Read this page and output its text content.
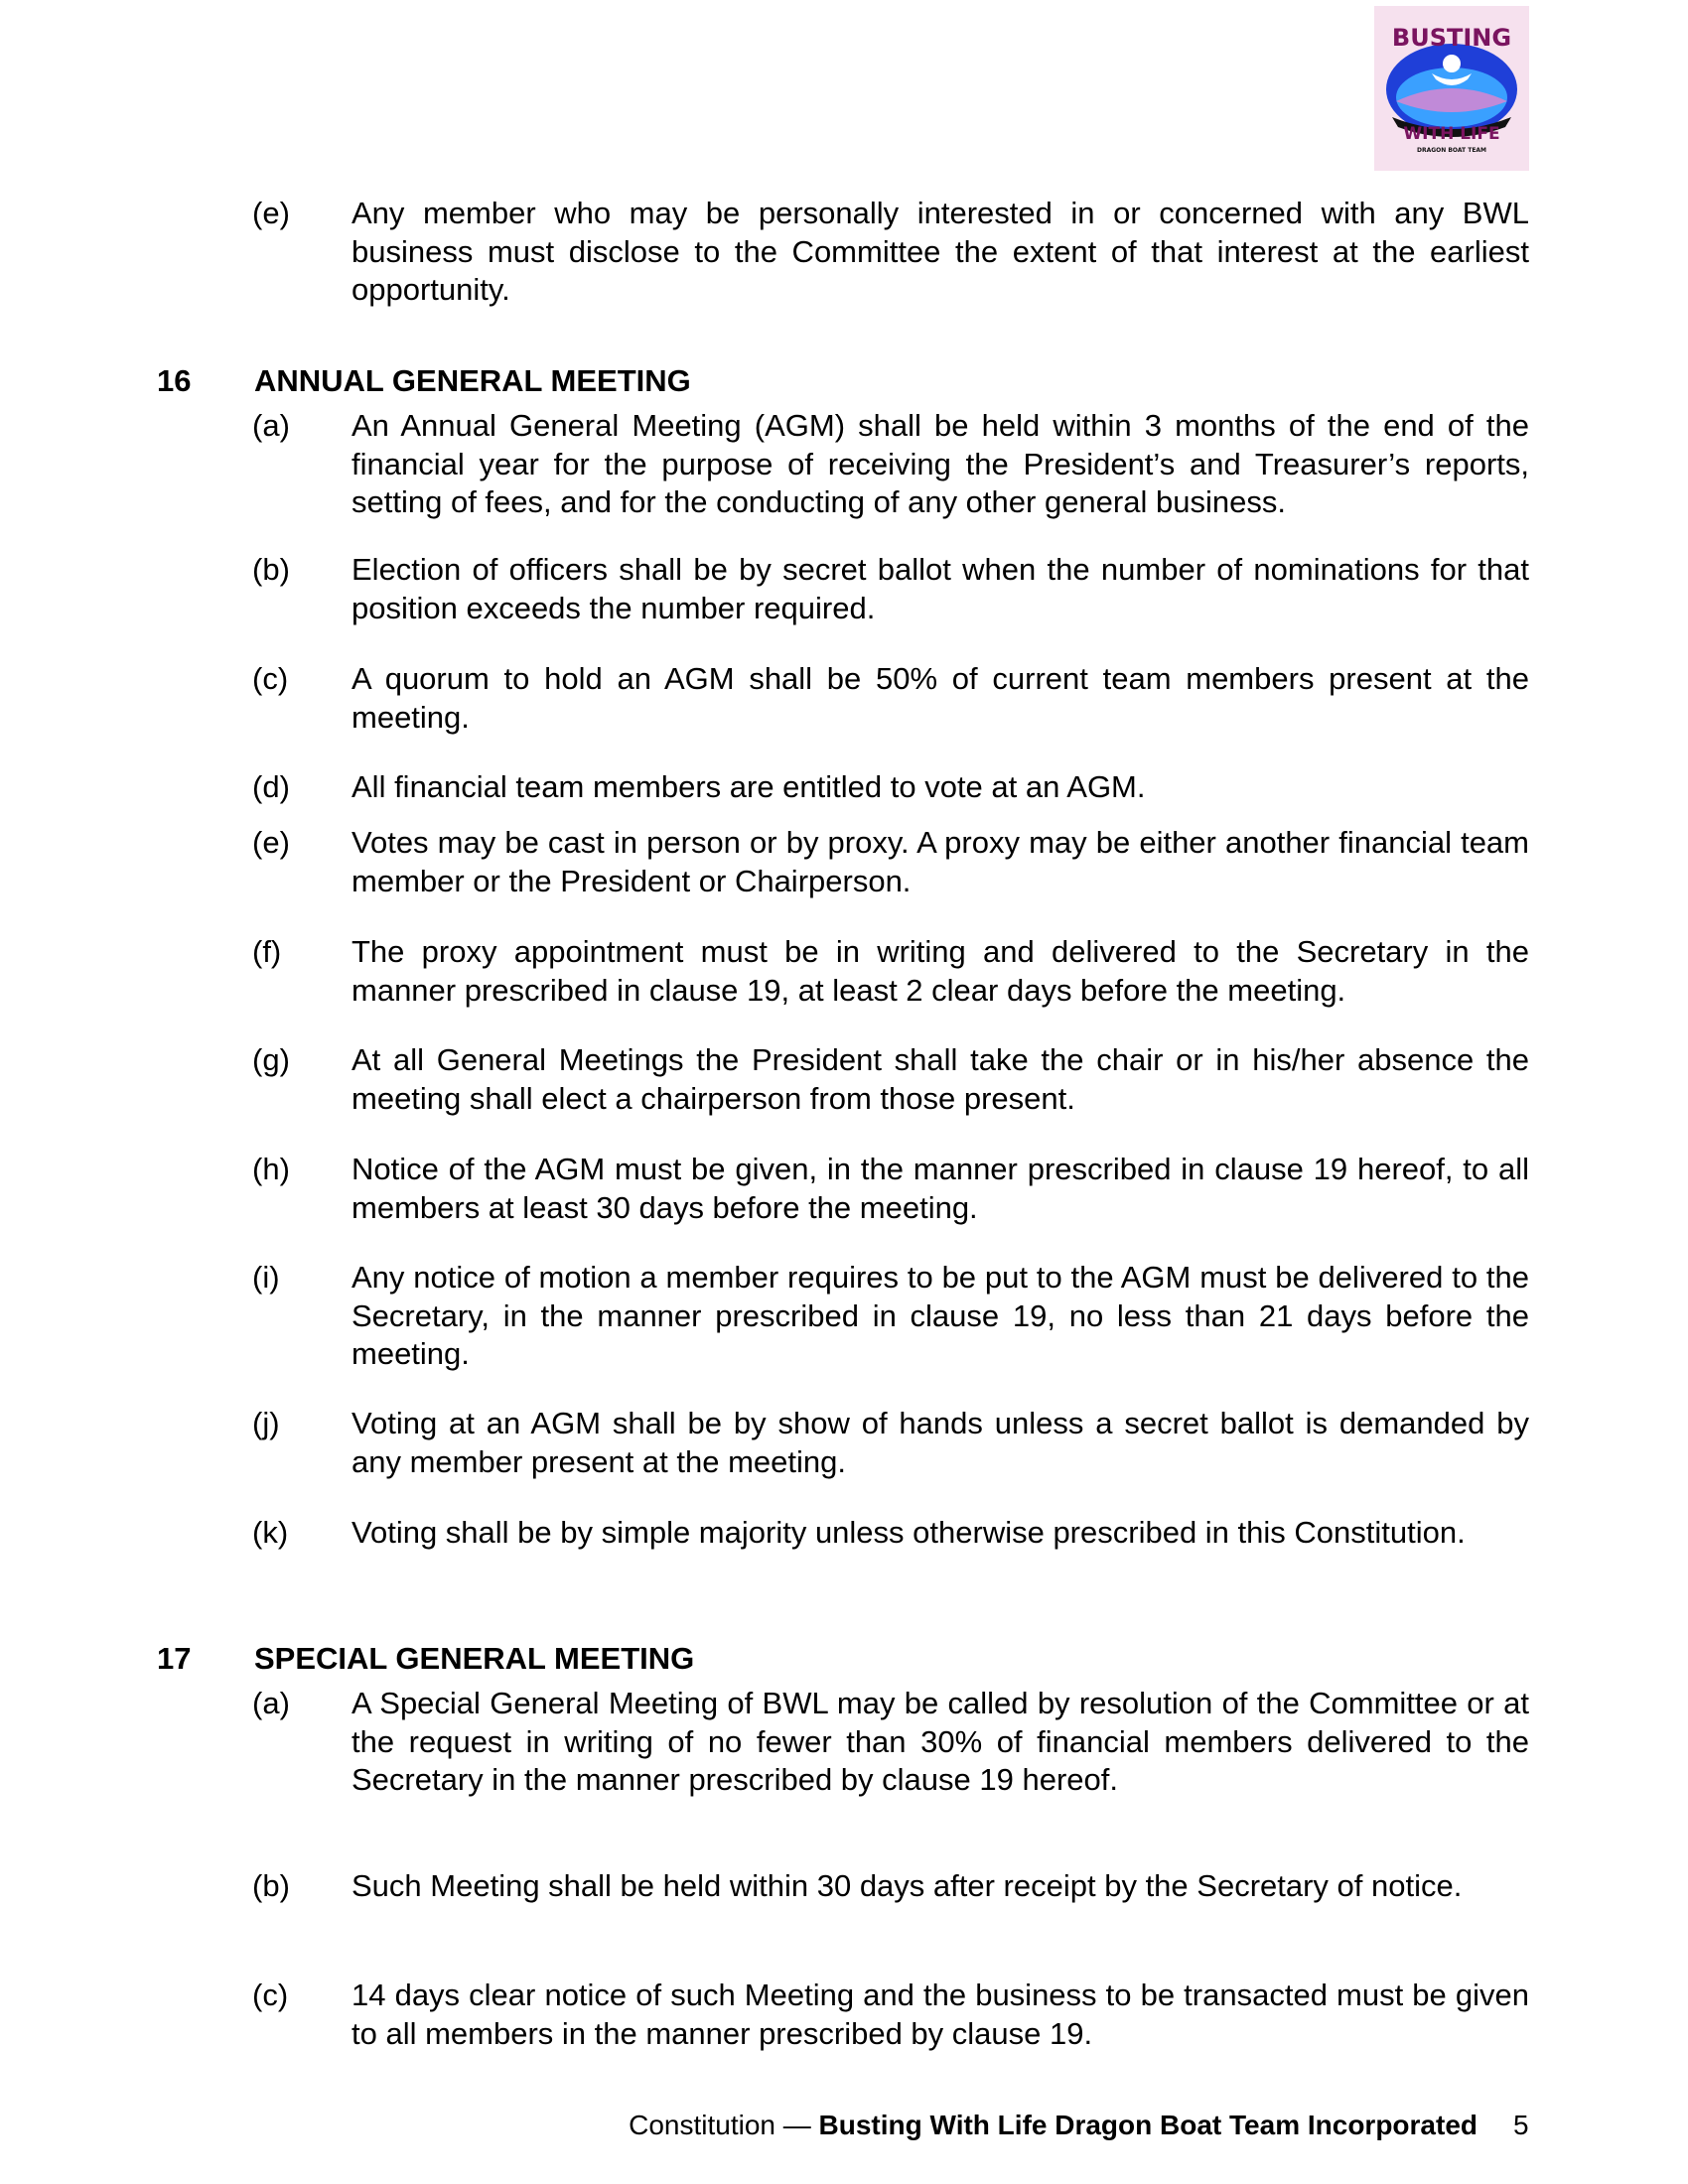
BUSTING
WITH LIFE
DRAGON BOAT TEAM
(e) Any member who may be personally interested in or concerned with any BWL business must disclose to the Committee the extent of that interest at the earliest opportunity.
16 ANNUAL GENERAL MEETING
(a) An Annual General Meeting (AGM) shall be held within 3 months of the end of the financial year for the purpose of receiving the President’s and Treasurer’s reports, setting of fees, and for the conducting of any other general business.
(b) Election of officers shall be by secret ballot when the number of nominations for that position exceeds the number required.
(c) A quorum to hold an AGM shall be 50% of current team members present at the meeting.
(d) All financial team members are entitled to vote at an AGM.
(e) Votes may be cast in person or by proxy. A proxy may be either another financial team member or the President or Chairperson.
(f) The proxy appointment must be in writing and delivered to the Secretary in the manner prescribed in clause 19, at least 2 clear days before the meeting.
(g) At all General Meetings the President shall take the chair or in his/her absence the meeting shall elect a chairperson from those present.
(h) Notice of the AGM must be given, in the manner prescribed in clause 19 hereof, to all members at least 30 days before the meeting.
(i) Any notice of motion a member requires to be put to the AGM must be delivered to the Secretary, in the manner prescribed in clause 19, no less than 21 days before the meeting.
(j) Voting at an AGM shall be by show of hands unless a secret ballot is demanded by any member present at the meeting.
(k) Voting shall be by simple majority unless otherwise prescribed in this Constitution.
17 SPECIAL GENERAL MEETING
(a) A Special General Meeting of BWL may be called by resolution of the Committee or at the request in writing of no fewer than 30% of financial members delivered to the Secretary in the manner prescribed by clause 19 hereof.
(b) Such Meeting shall be held within 30 days after receipt by the Secretary of notice.
(c) 14 days clear notice of such Meeting and the business to be transacted must be given to all members in the manner prescribed by clause 19.
Constitution — Busting With Life Dragon Boat Team Incorporated 5
